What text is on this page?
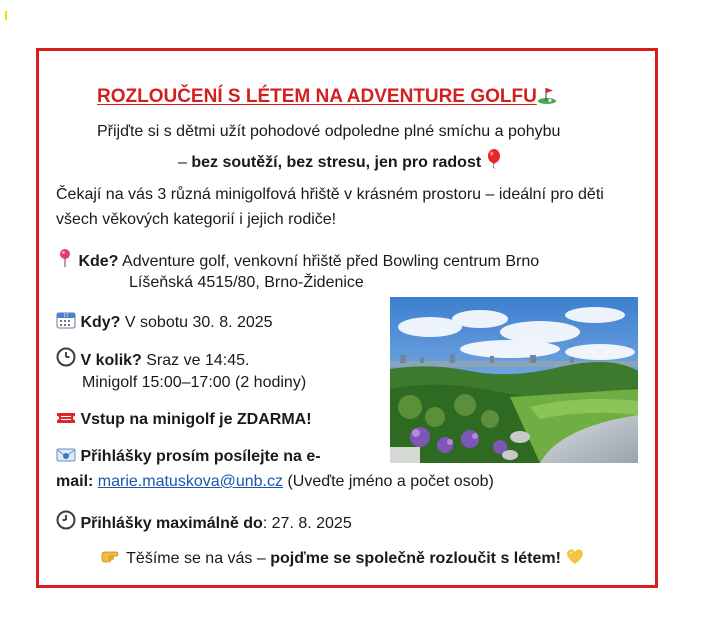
ROZLOUČENÍ S LÉTEM NA ADVENTURE GOLFU
Přijďte si s dětmi užít pohodové odpoledne plné smíchu a pohybu
– bez soutěží, bez stresu, jen pro radost
Čekají na vás 3 různá minigolfová hřiště v krásném prostoru – ideální pro děti
všech věkových kategorií i jejich rodiče!
Kde? Adventure golf, venkovní hřiště před Bowling centrum Brno
Líšeňská 4515/80, Brno-Židenice
17 Kdy? V sobotu 30. 8. 2025
V kolik? Sraz ve 14:45.
Minigolf 15:00–17:00 (2 hodiny)
Vstup na minigolf je ZDARMA!
Přihlášky prosím posílejte na e-
mail: marie.matuskova@unb.cz (Uveďte jméno a počet osob)
Přihlášky maximálně do: 27. 8. 2025
Těšíme se na vás – pojďme se společně rozloučit s létem!
